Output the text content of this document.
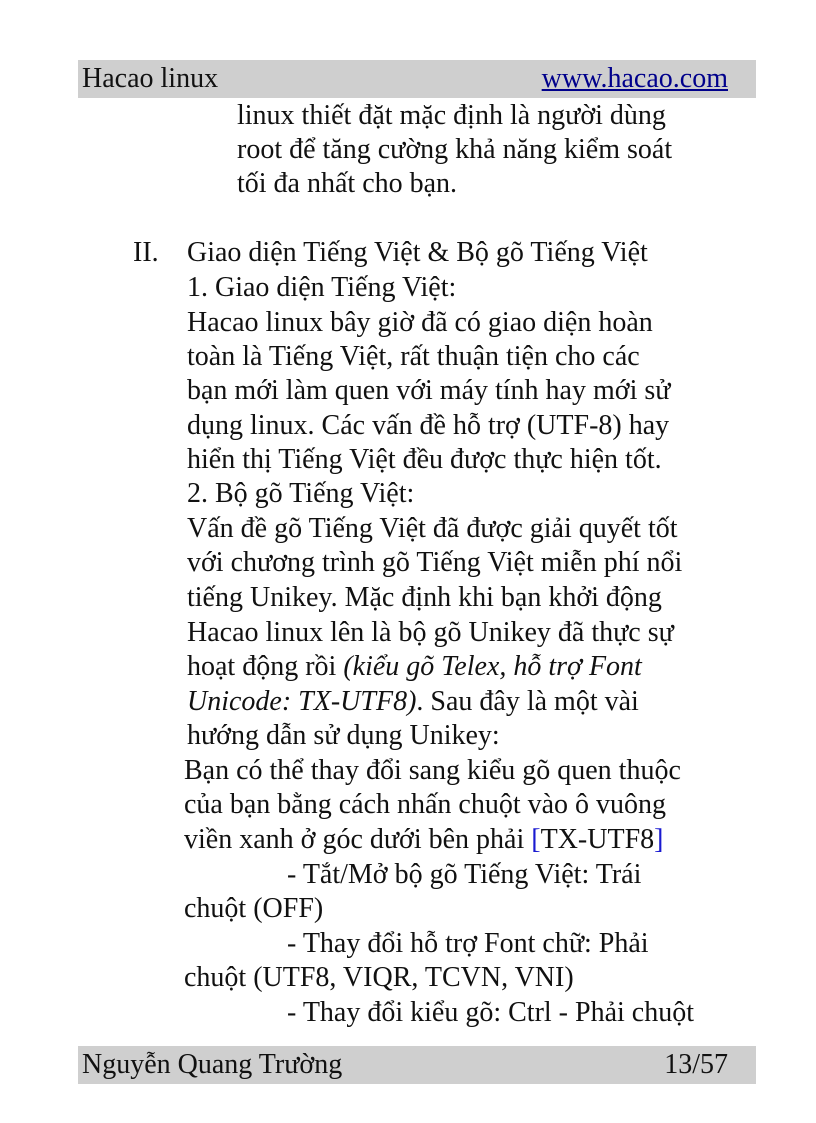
Hacao linux	www.hacao.com
linux thiết đặt mặc định là người dùng
root để tăng cường khả năng kiểm soát
tối đa nhất cho bạn.
II. Giao diện Tiếng Việt & Bộ gõ Tiếng Việt
1. Giao diện Tiếng Việt:
Hacao linux bây giờ đã có giao diện hoàn
toàn là Tiếng Việt, rất thuận tiện cho các
bạn mới làm quen với máy tính hay mới sử
dụng linux. Các vấn đề hỗ trợ (UTF-8) hay
hiển thị Tiếng Việt đều được thực hiện tốt.
2. Bộ gõ Tiếng Việt:
Vấn đề gõ Tiếng Việt đã được giải quyết tốt
với chương trình gõ Tiếng Việt miễn phí nổi
tiếng Unikey. Mặc định khi bạn khởi động
Hacao linux lên là bộ gõ Unikey đã thực sự
hoạt động rồi (kiểu gõ Telex, hỗ trợ Font
Unicode: TX-UTF8). Sau đây là một vài
hướng dẫn sử dụng Unikey:
Bạn có thể thay đổi sang kiểu gõ quen thuộc
của bạn bằng cách nhấn chuột vào ô vuông
viền xanh ở góc dưới bên phải [TX-UTF8]
- Tắt/Mở bộ gõ Tiếng Việt: Trái
chuột (OFF)
- Thay đổi hỗ trợ Font chữ: Phải
chuột (UTF8, VIQR, TCVN, VNI)
- Thay đổi kiểu gõ: Ctrl - Phải chuột
Nguyễn Quang Trường	13/57
